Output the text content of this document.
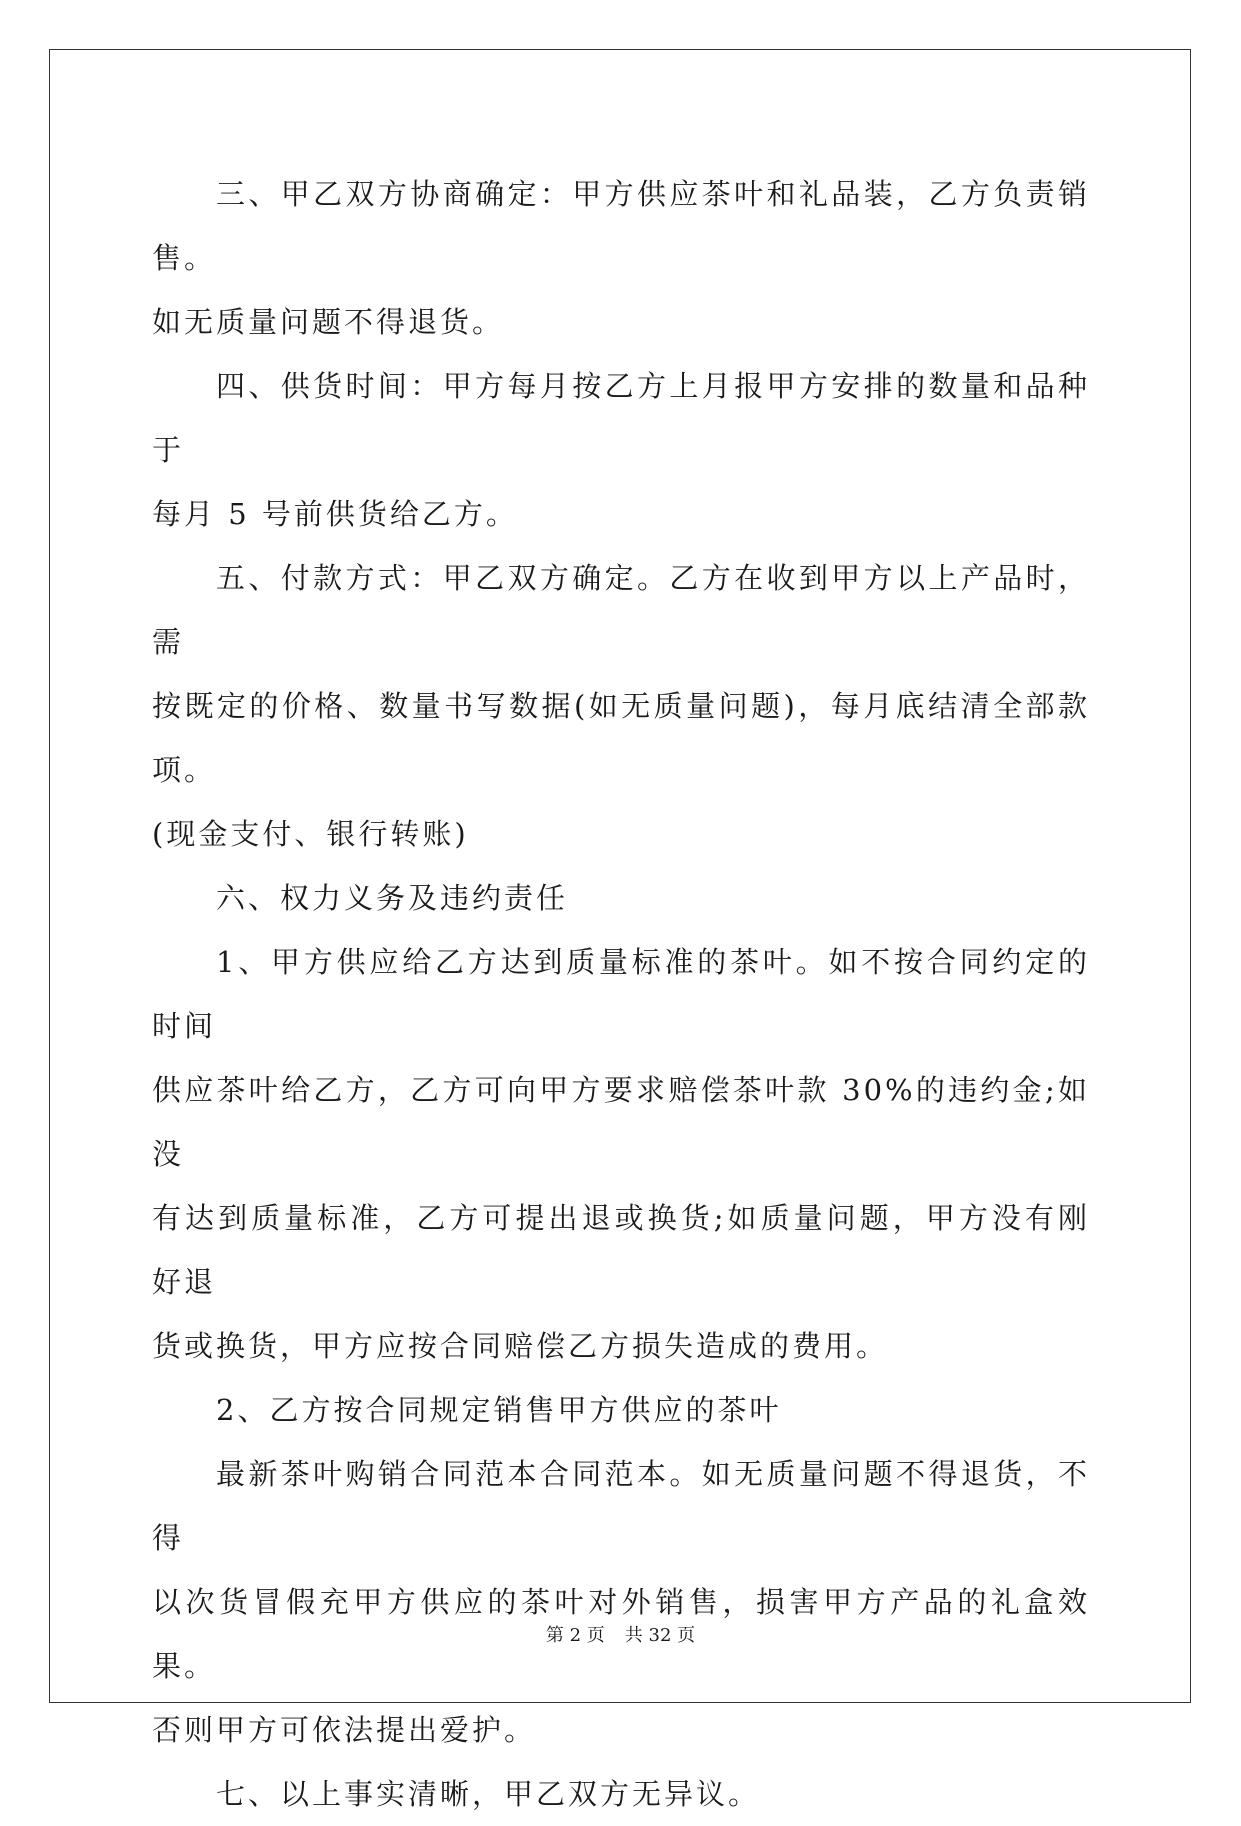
三、甲乙双方协商确定：甲方供应茶叶和礼品装，乙方负责销售。
如无质量问题不得退货。

四、供货时间：甲方每月按乙方上月报甲方安排的数量和品种于
每月 5 号前供货给乙方。

五、付款方式：甲乙双方确定。乙方在收到甲方以上产品时，需
按既定的价格、数量书写数据(如无质量问题)，每月底结清全部款项。
(现金支付、银行转账)

六、权力义务及违约责任

1、甲方供应给乙方达到质量标准的茶叶。如不按合同约定的时间
供应茶叶给乙方，乙方可向甲方要求赔偿茶叶款 30%的违约金;如没
有达到质量标准，乙方可提出退或换货;如质量问题，甲方没有刚好退
货或换货，甲方应按合同赔偿乙方损失造成的费用。

2、乙方按合同规定销售甲方供应的茶叶

最新茶叶购销合同范本合同范本。如无质量问题不得退货，不得
以次货冒假充甲方供应的茶叶对外销售，损害甲方产品的礼盒效果。
否则甲方可依法提出爱护。

七、以上事实清晰，甲乙双方无异议。

第 2 页 共 32 页
